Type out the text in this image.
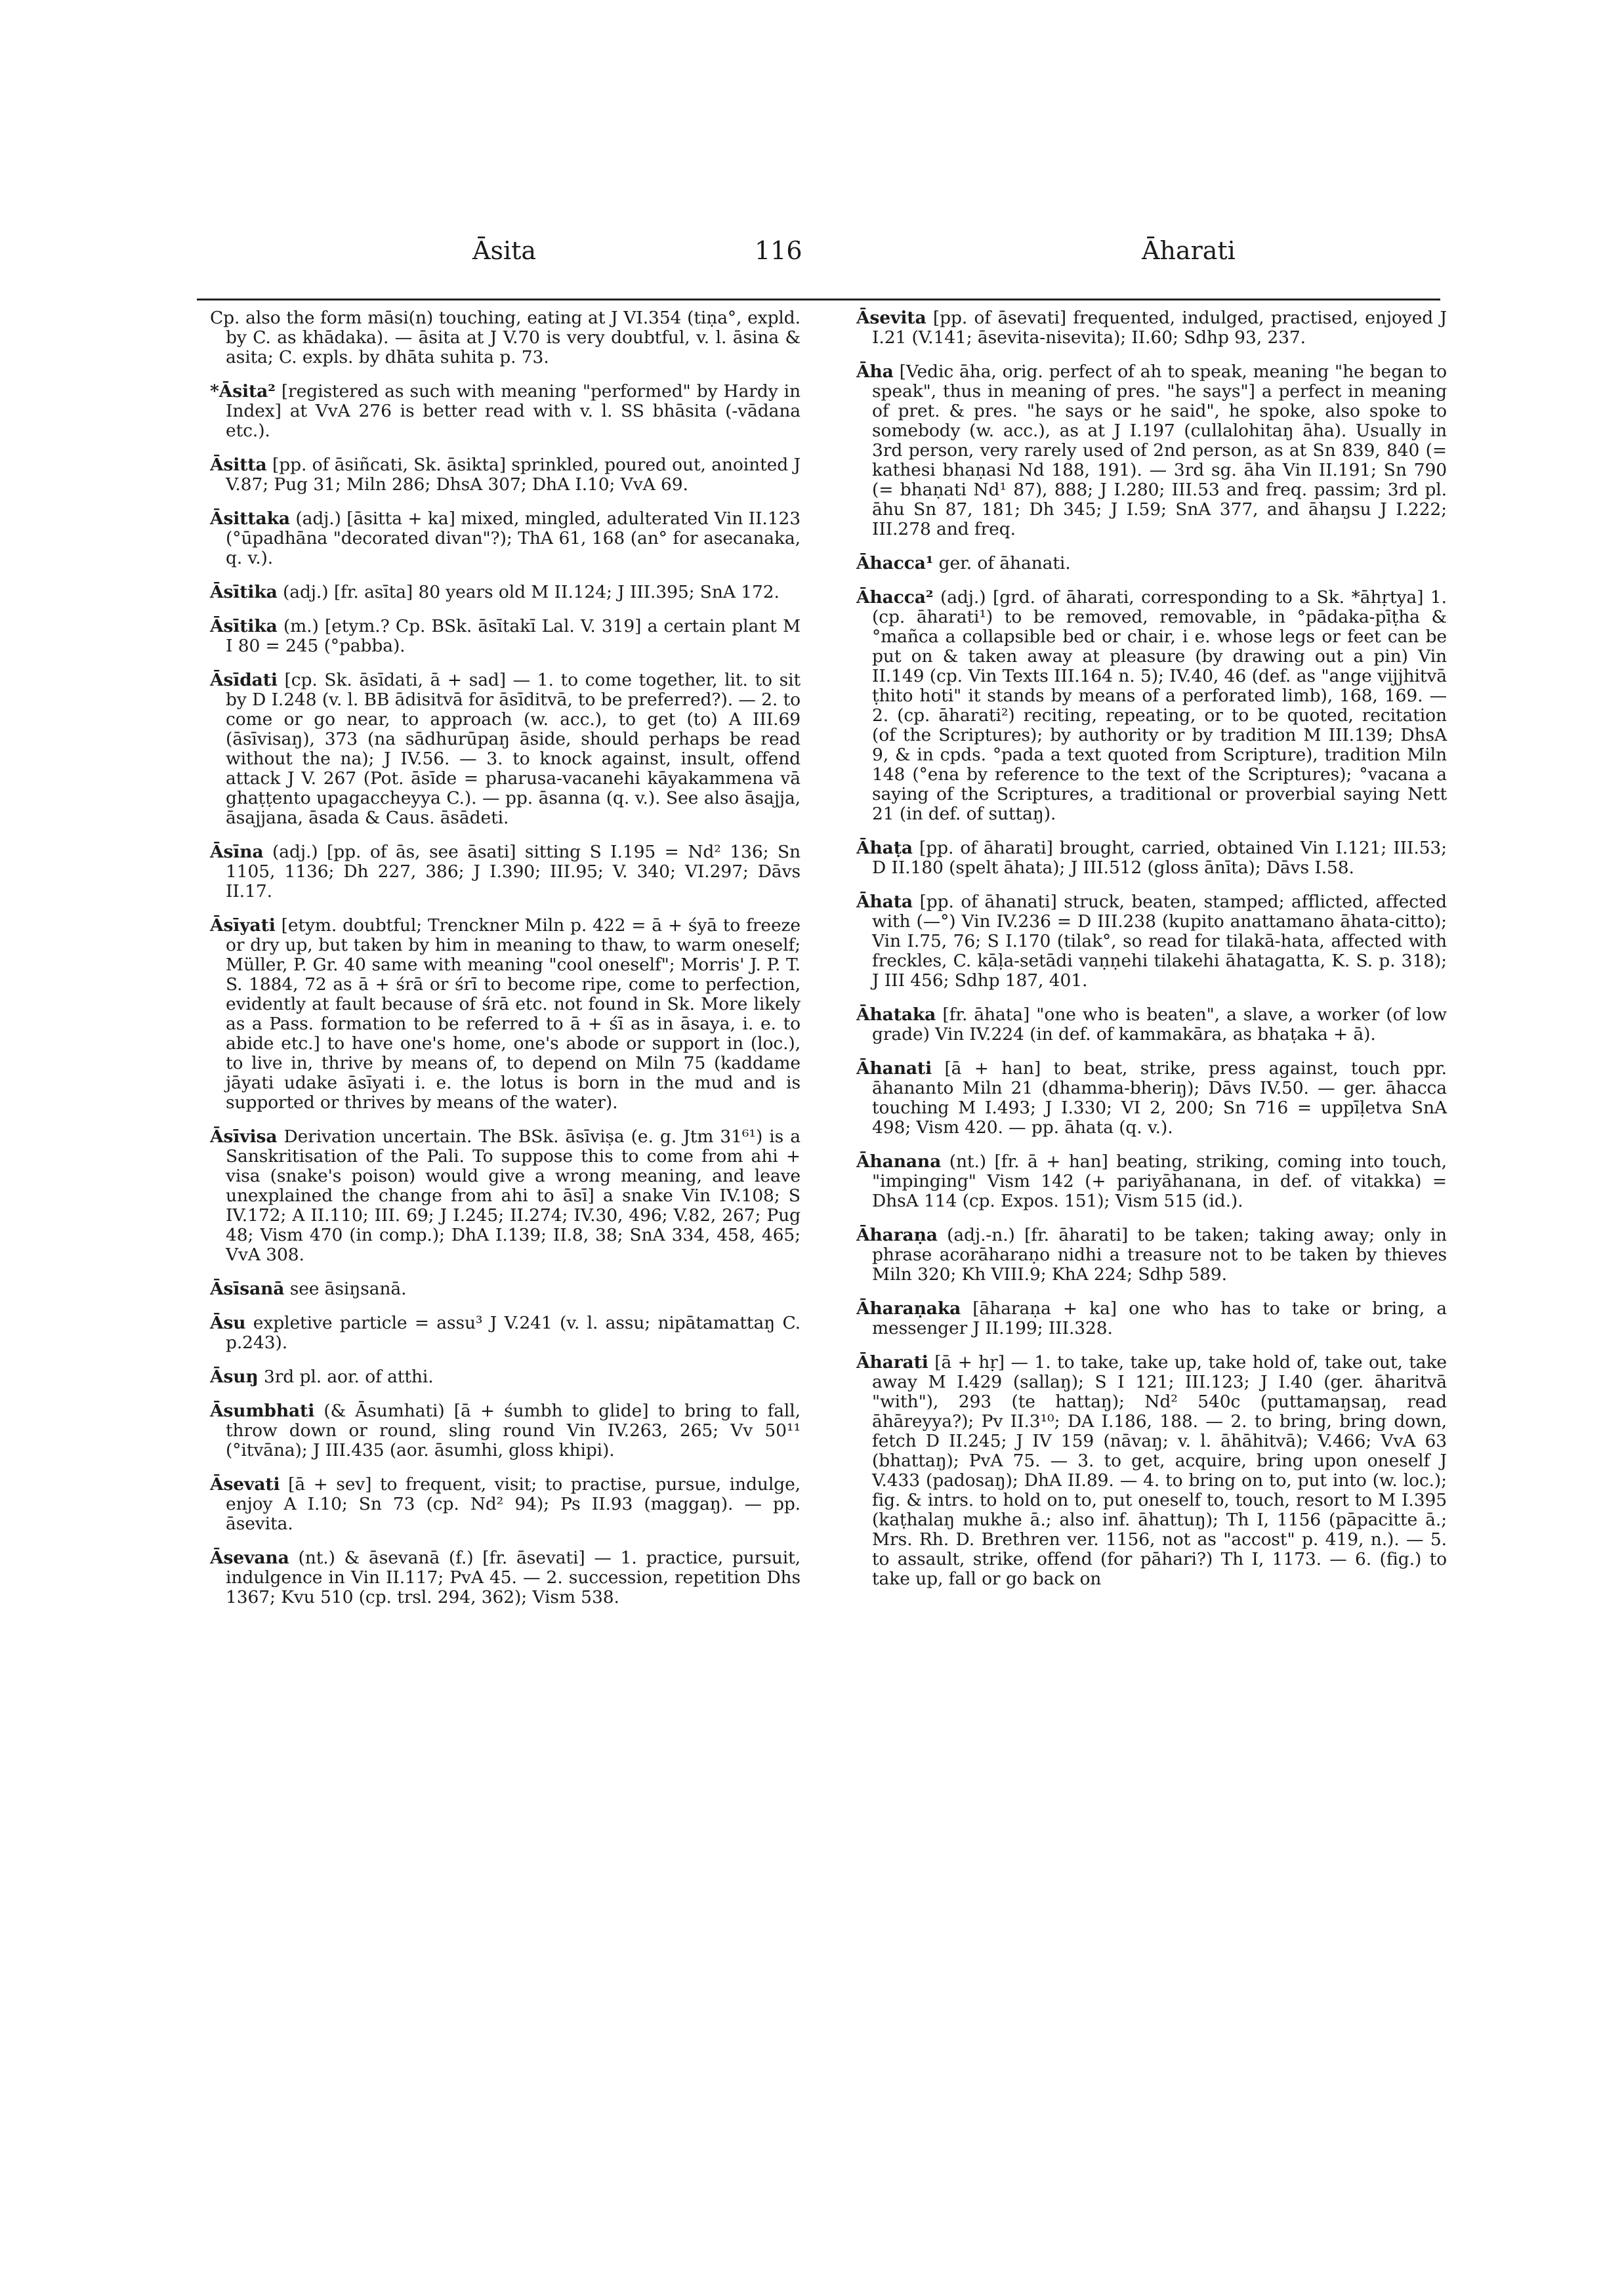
Āsita	116	Āharati

Cp. also the form māsi(n) touching, eating at J VI.354 (tiṇa°, expld. by C. as khādaka). — āsita at J V.70 is very doubtful, v. l. āsina & asita; C. expls. by dhāta suhita p. 73.

*Āsita² [registered as such with meaning "performed" by Hardy in Index] at VvA 276 is better read with v. l. SS bhāsita (-vādana etc.).

Āsitta [pp. of āsiñcati, Sk. āsikta] sprinkled, poured out, anointed J V.87; Pug 31; Miln 286; DhsA 307; DhA I.10; VvA 69.

Āsittaka (adj.) [āsitta + ka] mixed, mingled, adulterated Vin II.123 (°ūpadhāna "decorated divan"?); ThA 61, 168 (an° for asecanaka, q. v.).

Āsītika (adj.) [fr. asīta] 80 years old M II.124; J III.395; SnA 172.

Āsītika (m.) [etym.? Cp. BSk. āsītakī Lal. V. 319] a certain plant M I 80 = 245 (°pabba).

Āsīdati [cp. Sk. āsīdati, ā + sad] — 1. to come together, lit. to sit by D I.248 (v. l. BB ādisitvā for āsīditvā, to be preferred?). — 2. to come or go near, to approach (w. acc.), to get (to) A III.69 (āsīvisaŋ), 373 (na sādhurūpaŋ āside, should perhaps be read without the na); J IV.56. — 3. to knock against, insult, offend attack J V. 267 (Pot. āsīde = pharusa-vacanehi kāyakammena vā ghaṭṭento upagaccheyya C.). — pp. āsanna (q. v.). See also āsajja, āsajjana, āsada & Caus. āsādeti.

Āsīna (adj.) [pp. of ās, see āsati] sitting S I.195 = Nd² 136; Sn 1105, 1136; Dh 227, 386; J I.390; III.95; V. 340; VI.297; Dāvs II.17.

Āsīyati [etym. doubtful; Trenckner Miln p. 422 = ā + śyā to freeze or dry up, but taken by him in meaning to thaw, to warm oneself; Müller, P. Gr. 40 same with meaning "cool oneself"; Morris' J. P. T. S. 1884, 72 as ā + śrā or śrī to become ripe, come to perfection, evidently at fault because of śrā etc. not found in Sk. More likely as a Pass. formation to be referred to ā + śī as in āsaya, i. e. to abide etc.] to have one's home, one's abode or support in (loc.), to live in, thrive by means of, to depend on Miln 75 (kaddame jāyati udake āsīyati i. e. the lotus is born in the mud and is supported or thrives by means of the water).

Āsīvisa Derivation uncertain. The BSk. āsīviṣa (e. g. Jtm 31⁶¹) is a Sanskritisation of the Pali. To suppose this to come from ahi + visa (snake's poison) would give a wrong meaning, and leave unexplained the change from ahi to āsī] a snake Vin IV.108; S IV.172; A II.110; III. 69; J I.245; II.274; IV.30, 496; V.82, 267; Pug 48; Vism 470 (in comp.); DhA I.139; II.8, 38; SnA 334, 458, 465; VvA 308.

Āsīsanā see āsiŋsanā.

Āsu expletive particle = assu³ J V.241 (v. l. assu; nipātamattaŋ C. p.243).

Āsuŋ 3rd pl. aor. of atthi.

Āsumbhati (& Āsumhati) [ā + śumbh to glide] to bring to fall, throw down or round, sling round Vin IV.263, 265; Vv 50¹¹ (°itvāna); J III.435 (aor. āsumhi, gloss khipi).

Āsevati [ā + sev] to frequent, visit; to practise, pursue, indulge, enjoy A I.10; Sn 73 (cp. Nd² 94); Ps II.93 (maggaŋ). — pp. āsevita.

Āsevana (nt.) & āsevanā (f.) [fr. āsevati] — 1. practice, pursuit, indulgence in Vin II.117; PvA 45. — 2. succession, repetition Dhs 1367; Kvu 510 (cp. trsl. 294, 362); Vism 538.

Āsevita [pp. of āsevati] frequented, indulged, practised, enjoyed J I.21 (V.141; āsevita-nisevita); II.60; Sdhp 93, 237.

Āha [Vedic āha, orig. perfect of ah to speak, meaning "he began to speak", thus in meaning of pres. "he says"] a perfect in meaning of pret. & pres. "he says or he said", he spoke, also spoke to somebody (w. acc.), as at J I.197 (cullalohitaŋ āha). Usually in 3rd person, very rarely used of 2nd person, as at Sn 839, 840 (= kathesi bhaṇasi Nd 188, 191). — 3rd sg. āha Vin II.191; Sn 790 (= bhaṇati Nd¹ 87), 888; J I.280; III.53 and freq. passim; 3rd pl. āhu Sn 87, 181; Dh 345; J I.59; SnA 377, and āhaŋsu J I.222; III.278 and freq.

Āhacca¹ ger. of āhanati.

Āhacca² (adj.) [grd. of āharati, corresponding to a Sk. *āhṛtya] 1. (cp. āharati¹) to be removed, removable, in °pādaka-pīṭha & °mañca a collapsible bed or chair, i e. whose legs or feet can be put on & taken away at pleasure (by drawing out a pin) Vin II.149 (cp. Vin Texts III.164 n. 5); IV.40, 46 (def. as "ange vijjhitvā ṭhito hoti" it stands by means of a perforated limb), 168, 169. — 2. (cp. āharati²) reciting, repeating, or to be quoted, recitation (of the Scriptures); by authority or by tradition M III.139; DhsA 9, & in cpds. °pada a text quoted from Scripture), tradition Miln 148 (°ena by reference to the text of the Scriptures); °vacana a saying of the Scriptures, a traditional or proverbial saying Nett 21 (in def. of suttaŋ).

Āhaṭa [pp. of āharati] brought, carried, obtained Vin I.121; III.53; D II.180 (spelt āhata); J III.512 (gloss ānīta); Dāvs I.58.

Āhata [pp. of āhanati] struck, beaten, stamped; afflicted, affected with (—°) Vin IV.236 = D III.238 (kupito anattamano āhata-citto); Vin I.75, 76; S I.170 (tilak°, so read for tilakā-hata, affected with freckles, C. kāḷa-setādi vaṇṇehi tilakehi āhatagatta, K. S. p. 318); J III 456; Sdhp 187, 401.

Āhataka [fr. āhata] "one who is beaten", a slave, a worker (of low grade) Vin IV.224 (in def. of kammakāra, as bhaṭaka + ā).

Āhanati [ā + han] to beat, strike, press against, touch ppr. āhananto Miln 21 (dhamma-bheriŋ); Dāvs IV.50. — ger. āhacca touching M I.493; J I.330; VI 2, 200; Sn 716 = uppīḷetva SnA 498; Vism 420. — pp. āhata (q. v.).

Āhanana (nt.) [fr. ā + han] beating, striking, coming into touch, "impinging" Vism 142 (+ pariyāhanana, in def. of vitakka) = DhsA 114 (cp. Expos. 151); Vism 515 (id.).

Āharaṇa (adj.-n.) [fr. āharati] to be taken; taking away; only in phrase acorāharaṇo nidhi a treasure not to be taken by thieves Miln 320; Kh VIII.9; KhA 224; Sdhp 589.

Āharaṇaka [āharaṇa + ka] one who has to take or bring, a messenger J II.199; III.328.

Āharati [ā + hṛ] — 1. to take, take up, take hold of, take out, take away M I.429 (sallaŋ); S I 121; III.123; J I.40 (ger. āharitvā "with"), 293 (te hattaŋ); Nd² 540c (puttamaŋsaŋ, read āhāreyya?); Pv II.3¹⁰; DA I.186, 188. — 2. to bring, bring down, fetch D II.245; J IV 159 (nāvaŋ; v. l. āhāhitvā); V.466; VvA 63 (bhattaŋ); PvA 75. — 3. to get, acquire, bring upon oneself J V.433 (padosaŋ); DhA II.89. — 4. to bring on to, put into (w. loc.); fig. & intrs. to hold on to, put oneself to, touch, resort to M I.395 (kaṭhalaŋ mukhe ā.; also inf. āhattuŋ); Th I, 1156 (pāpacitte ā.; Mrs. Rh. D. Brethren ver. 1156, not as "accost" p. 419, n.). — 5. to assault, strike, offend (for pāhari?) Th I, 1173. — 6. (fig.) to take up, fall or go back on
